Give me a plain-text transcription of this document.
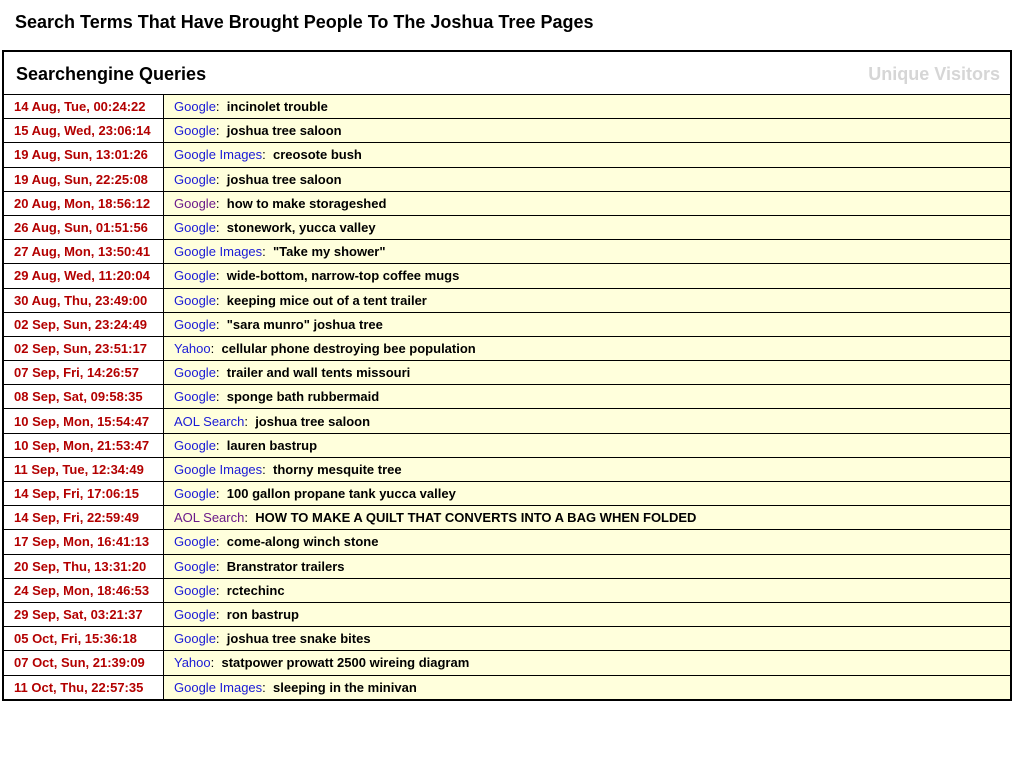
Search Terms That Have Brought People To The Joshua Tree Pages
Searchengine Queries	Unique Visitors
14 Aug, Tue, 00:24:22	Google:  incinolet trouble
15 Aug, Wed, 23:06:14	Google:  joshua tree saloon
19 Aug, Sun, 13:01:26	Google Images:  creosote bush
19 Aug, Sun, 22:25:08	Google:  joshua tree saloon
20 Aug, Mon, 18:56:12	Google:  how to make storageshed
26 Aug, Sun, 01:51:56	Google:  stonework, yucca valley
27 Aug, Mon, 13:50:41	Google Images:  "Take my shower"
29 Aug, Wed, 11:20:04	Google:  wide-bottom, narrow-top coffee mugs
30 Aug, Thu, 23:49:00	Google:  keeping mice out of a tent trailer
02 Sep, Sun, 23:24:49	Google:  "sara munro" joshua tree
02 Sep, Sun, 23:51:17	Yahoo:  cellular phone destroying bee population
07 Sep, Fri, 14:26:57	Google:  trailer and wall tents missouri
08 Sep, Sat, 09:58:35	Google:  sponge bath rubbermaid
10 Sep, Mon, 15:54:47	AOL Search:  joshua tree saloon
10 Sep, Mon, 21:53:47	Google:  lauren bastrup
11 Sep, Tue, 12:34:49	Google Images:  thorny mesquite tree
14 Sep, Fri, 17:06:15	Google:  100 gallon propane tank yucca valley
14 Sep, Fri, 22:59:49	AOL Search:  HOW TO MAKE A QUILT THAT CONVERTS INTO A BAG WHEN FOLDED
17 Sep, Mon, 16:41:13	Google:  come-along winch stone
20 Sep, Thu, 13:31:20	Google:  Branstrator trailers
24 Sep, Mon, 18:46:53	Google:  rctechinc
29 Sep, Sat, 03:21:37	Google:  ron bastrup
05 Oct, Fri, 15:36:18	Google:  joshua tree snake bites
07 Oct, Sun, 21:39:09	Yahoo:  statpower prowatt 2500 wireing diagram
11 Oct, Thu, 22:57:35	Google Images:  sleeping in the minivan
